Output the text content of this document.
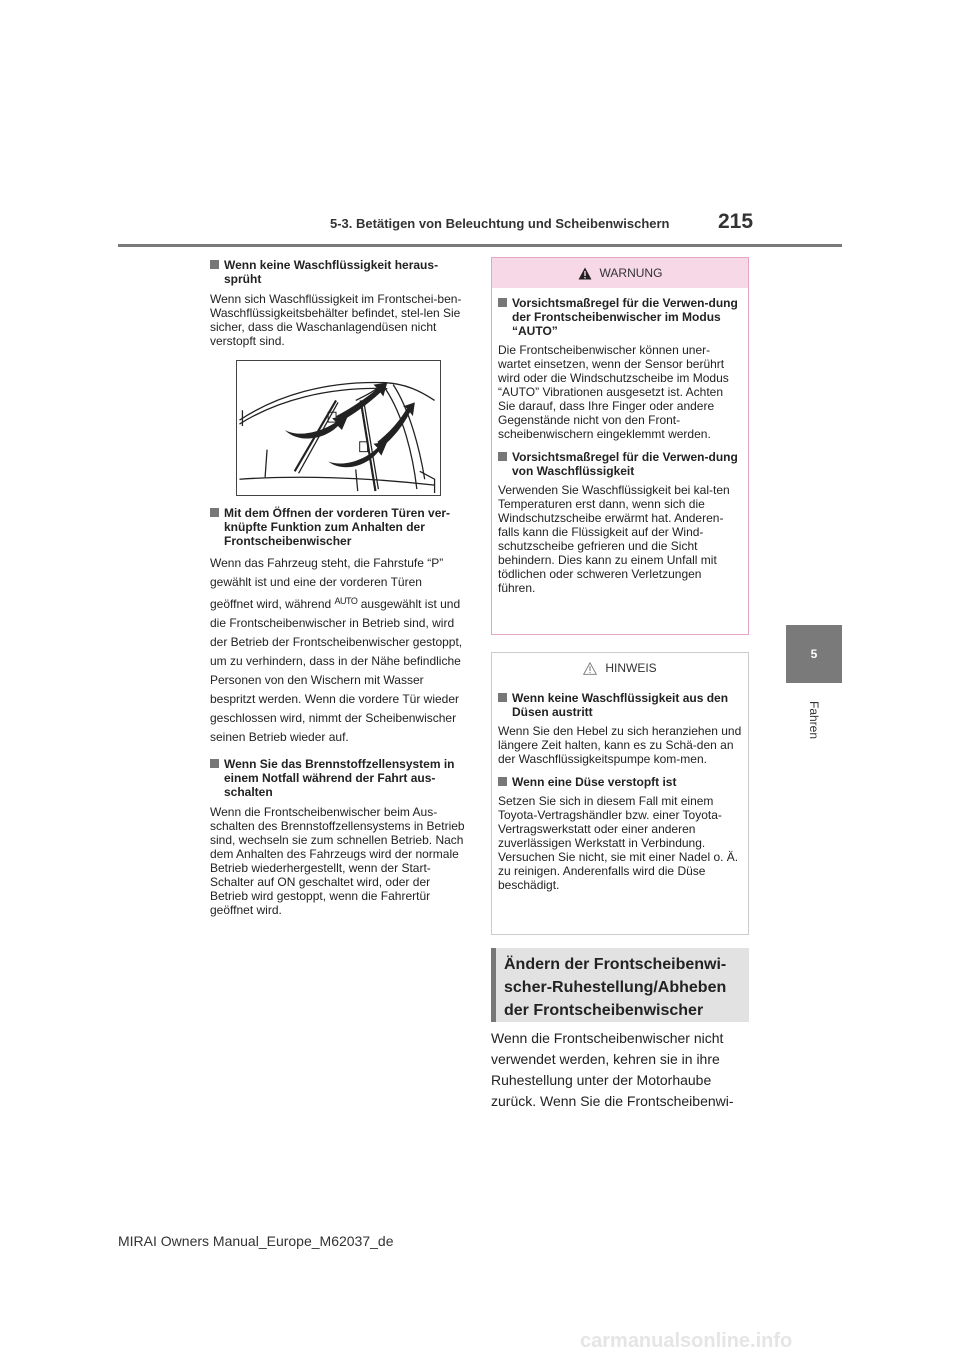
5-3. Betätigen von Beleuchtung und Scheibenwischern 215
5
Fahren
Wenn keine Waschflüssigkeit heraus-sprüht
Wenn sich Waschflüssigkeit im Frontschei-ben-Waschflüssigkeitsbehälter befindet, stel-len Sie sicher, dass die Waschanlagendüsen nicht verstopft sind.
Mit dem Öffnen der vorderen Türen ver-knüpfte Funktion zum Anhalten der Frontscheibenwischer
Wenn das Fahrzeug steht, die Fahrstufe “P” gewählt ist und eine der vorderen Türen geöffnet wird, während $^{AUTO}$ ausgewählt ist und die Frontscheibenwischer in Betrieb sind, wird der Betrieb der Frontscheibenwischer gestoppt, um zu verhindern, dass in der Nähe befindliche Personen von den Wischern mit Wasser bespritzt werden. Wenn die vordere Tür wieder geschlossen wird, nimmt der Scheibenwischer seinen Betrieb wieder auf.
Wenn Sie das Brennstoffzellensystem in einem Notfall während der Fahrt aus-schalten
Wenn die Frontscheibenwischer beim Aus-schalten des Brennstoffzellensystems in Betrieb sind, wechseln sie zum schnellen Betrieb. Nach dem Anhalten des Fahrzeugs wird der normale Betrieb wiederhergestellt, wenn der Start-Schalter auf ON geschaltet wird, oder der Betrieb wird gestoppt, wenn die Fahrertür geöffnet wird.
WARNUNG
Vorsichtsmaßregel für die Verwen-dung der Frontscheibenwischer im Modus “AUTO”
Die Frontscheibenwischer können uner-wartet einsetzen, wenn der Sensor berührt wird oder die Windschutzscheibe im Modus “AUTO” Vibrationen ausgesetzt ist. Achten Sie darauf, dass Ihre Finger oder andere Gegenstände nicht von den Front-scheibenwischern eingeklemmt werden.
Vorsichtsmaßregel für die Verwen-dung von Waschflüssigkeit
Verwenden Sie Waschflüssigkeit bei kal-ten Temperaturen erst dann, wenn sich die Windschutzscheibe erwärmt hat. Anderen-falls kann die Flüssigkeit auf der Wind-schutzscheibe gefrieren und die Sicht behindern. Dies kann zu einem Unfall mit tödlichen oder schweren Verletzungen führen.
HINWEIS
Wenn keine Waschflüssigkeit aus den Düsen austritt
Wenn Sie den Hebel zu sich heranziehen und längere Zeit halten, kann es zu Schä-den an der Waschflüssigkeitspumpe kom-men.
Wenn eine Düse verstopft ist
Setzen Sie sich in diesem Fall mit einem Toyota-Vertragshändler bzw. einer Toyota-Vertragswerkstatt oder einer anderen zuverlässigen Werkstatt in Verbindung. Versuchen Sie nicht, sie mit einer Nadel o. Ä. zu reinigen. Anderenfalls wird die Düse beschädigt.
Ändern der Frontscheibenwi-scher-Ruhestellung/Abheben der Frontscheibenwischer
Wenn die Frontscheibenwischer nicht verwendet werden, kehren sie in ihre Ruhestellung unter der Motorhaube zurück. Wenn Sie die Frontscheibenwi-
MIRAI Owners Manual_Europe_M62037_de
carmanualsonline.info
